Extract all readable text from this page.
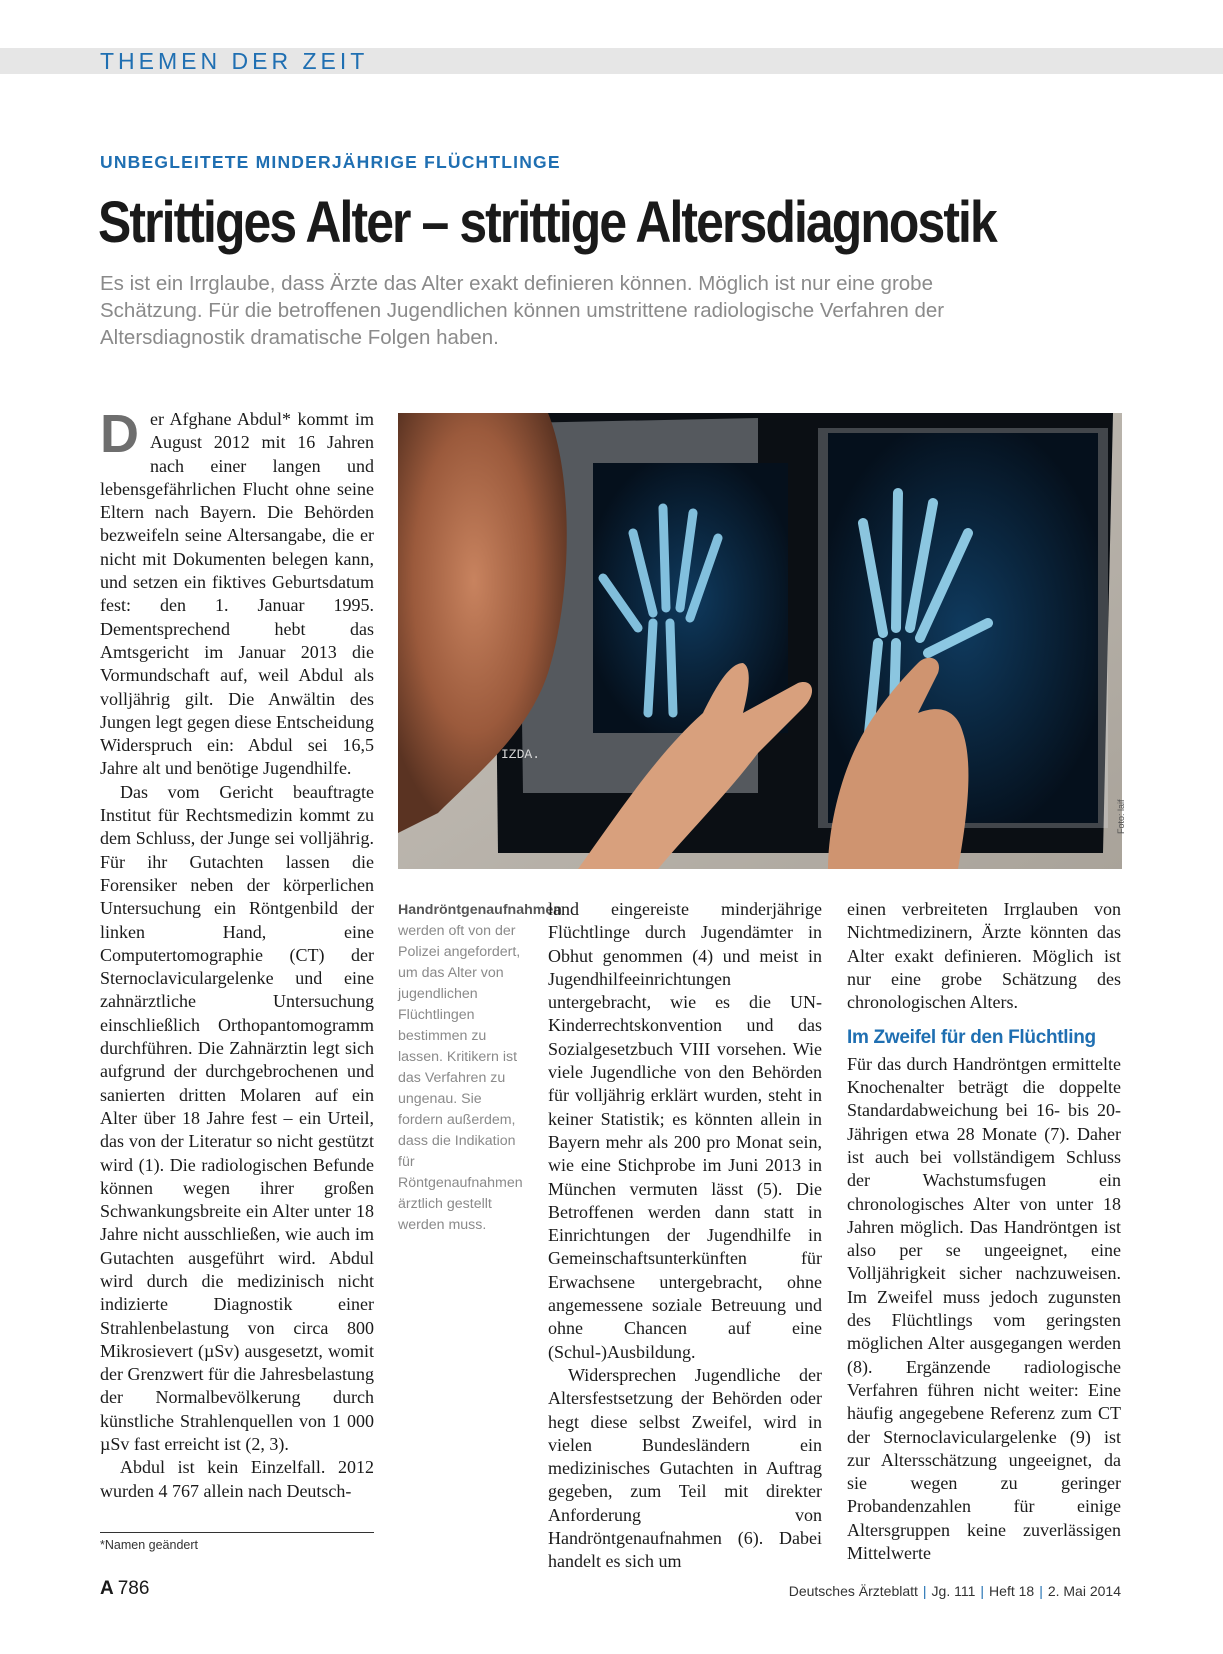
THEMEN DER ZEIT
UNBEGLEITETE MINDERJÄHRIGE FLÜCHTLINGE
Strittiges Alter – strittige Altersdiagnostik
Es ist ein Irrglaube, dass Ärzte das Alter exakt definieren können. Möglich ist nur eine grobe Schätzung. Für die betroffenen Jugendlichen können umstrittene radiologische Verfahren der Altersdiagnostik dramatische Folgen haben.

Der Afghane Abdul* kommt im August 2012 mit 16 Jahren nach einer langen und lebensgefährlichen Flucht ohne seine Eltern nach Bayern. Die Behörden bezweifeln seine Altersangabe, die er nicht mit Dokumenten belegen kann, und setzen ein fiktives Geburtsdatum fest: den 1. Januar 1995. Dementsprechend hebt das Amtsgericht im Januar 2013 die Vormundschaft auf, weil Abdul als volljährig gilt. Die Anwältin des Jungen legt gegen diese Entscheidung Widerspruch ein: Abdul sei 16,5 Jahre alt und benötige Jugendhilfe.

Das vom Gericht beauftragte Institut für Rechtsmedizin kommt zu dem Schluss, der Junge sei volljährig. Für ihr Gutachten lassen die Forensiker neben der körperlichen Untersuchung ein Röntgenbild der linken Hand, eine Computertomographie (CT) der Sternoclaviculargelenke und eine zahnärztliche Untersuchung einschließlich Orthopantomogramm durchführen. Die Zahnärztin legt sich aufgrund der durchgebrochenen und sanierten dritten Molaren auf ein Alter über 18 Jahre fest – ein Urteil, das von der Literatur so nicht gestützt wird (1). Die radiologischen Befunde können wegen ihrer großen Schwankungsbreite ein Alter unter 18 Jahre nicht ausschließen, wie auch im Gutachten ausgeführt wird. Abdul wird durch die medizinisch nicht indizierte Diagnostik einer Strahlenbelastung von circa 800 Mikrosievert (µSv) ausgesetzt, womit der Grenzwert für die Jahresbelastung der Normalbevölkerung durch künstliche Strahlenquellen von 1 000 µSv fast erreicht ist (2, 3).

Abdul ist kein Einzelfall. 2012 wurden 4 767 allein nach Deutsch-

IZDA.
Foto: laif
Handröntgenaufnahmen werden oft von der Polizei angefordert, um das Alter von jugendlichen Flüchtlingen bestimmen zu lassen. Kritikern ist das Verfahren zu ungenau. Sie fordern außerdem, dass die Indikation für Röntgenaufnahmen ärztlich gestellt werden muss.

land eingereiste minderjährige Flüchtlinge durch Jugendämter in Obhut genommen (4) und meist in Jugendhilfeeinrichtungen untergebracht, wie es die UN-Kinderrechtskonvention und das Sozialgesetzbuch VIII vorsehen. Wie viele Jugendliche von den Behörden für volljährig erklärt wurden, steht in keiner Statistik; es könnten allein in Bayern mehr als 200 pro Monat sein, wie eine Stichprobe im Juni 2013 in München vermuten lässt (5). Die Betroffenen werden dann statt in Einrichtungen der Jugendhilfe in Gemeinschaftsunterkünften für Erwachsene untergebracht, ohne angemessene soziale Betreuung und ohne Chancen auf eine (Schul-)Ausbildung.

Widersprechen Jugendliche der Altersfestsetzung der Behörden oder hegt diese selbst Zweifel, wird in vielen Bundesländern ein medizinisches Gutachten in Auftrag gegeben, zum Teil mit direkter Anforderung von Handröntgenaufnahmen (6). Dabei handelt es sich um

einen verbreiteten Irrglauben von Nichtmedizinern, Ärzte könnten das Alter exakt definieren. Möglich ist nur eine grobe Schätzung des chronologischen Alters.

Im Zweifel für den Flüchtling

Für das durch Handröntgen ermittelte Knochenalter beträgt die doppelte Standardabweichung bei 16- bis 20-Jährigen etwa 28 Monate (7). Daher ist auch bei vollständigem Schluss der Wachstumsfugen ein chronologisches Alter von unter 18 Jahren möglich. Das Handröntgen ist also per se ungeeignet, eine Volljährigkeit sicher nachzuweisen. Im Zweifel muss jedoch zugunsten des Flüchtlings vom geringsten möglichen Alter ausgegangen werden (8). Ergänzende radiologische Verfahren führen nicht weiter: Eine häufig angegebene Referenz zum CT der Sternoclaviculargelenke (9) ist zur Altersschätzung ungeeignet, da sie wegen zu geringer Probandenzahlen für einige Altersgruppen keine zuverlässigen Mittelwerte

*Namen geändert
A 786	Deutsches Ärzteblatt | Jg. 111 | Heft 18 | 2. Mai 2014
